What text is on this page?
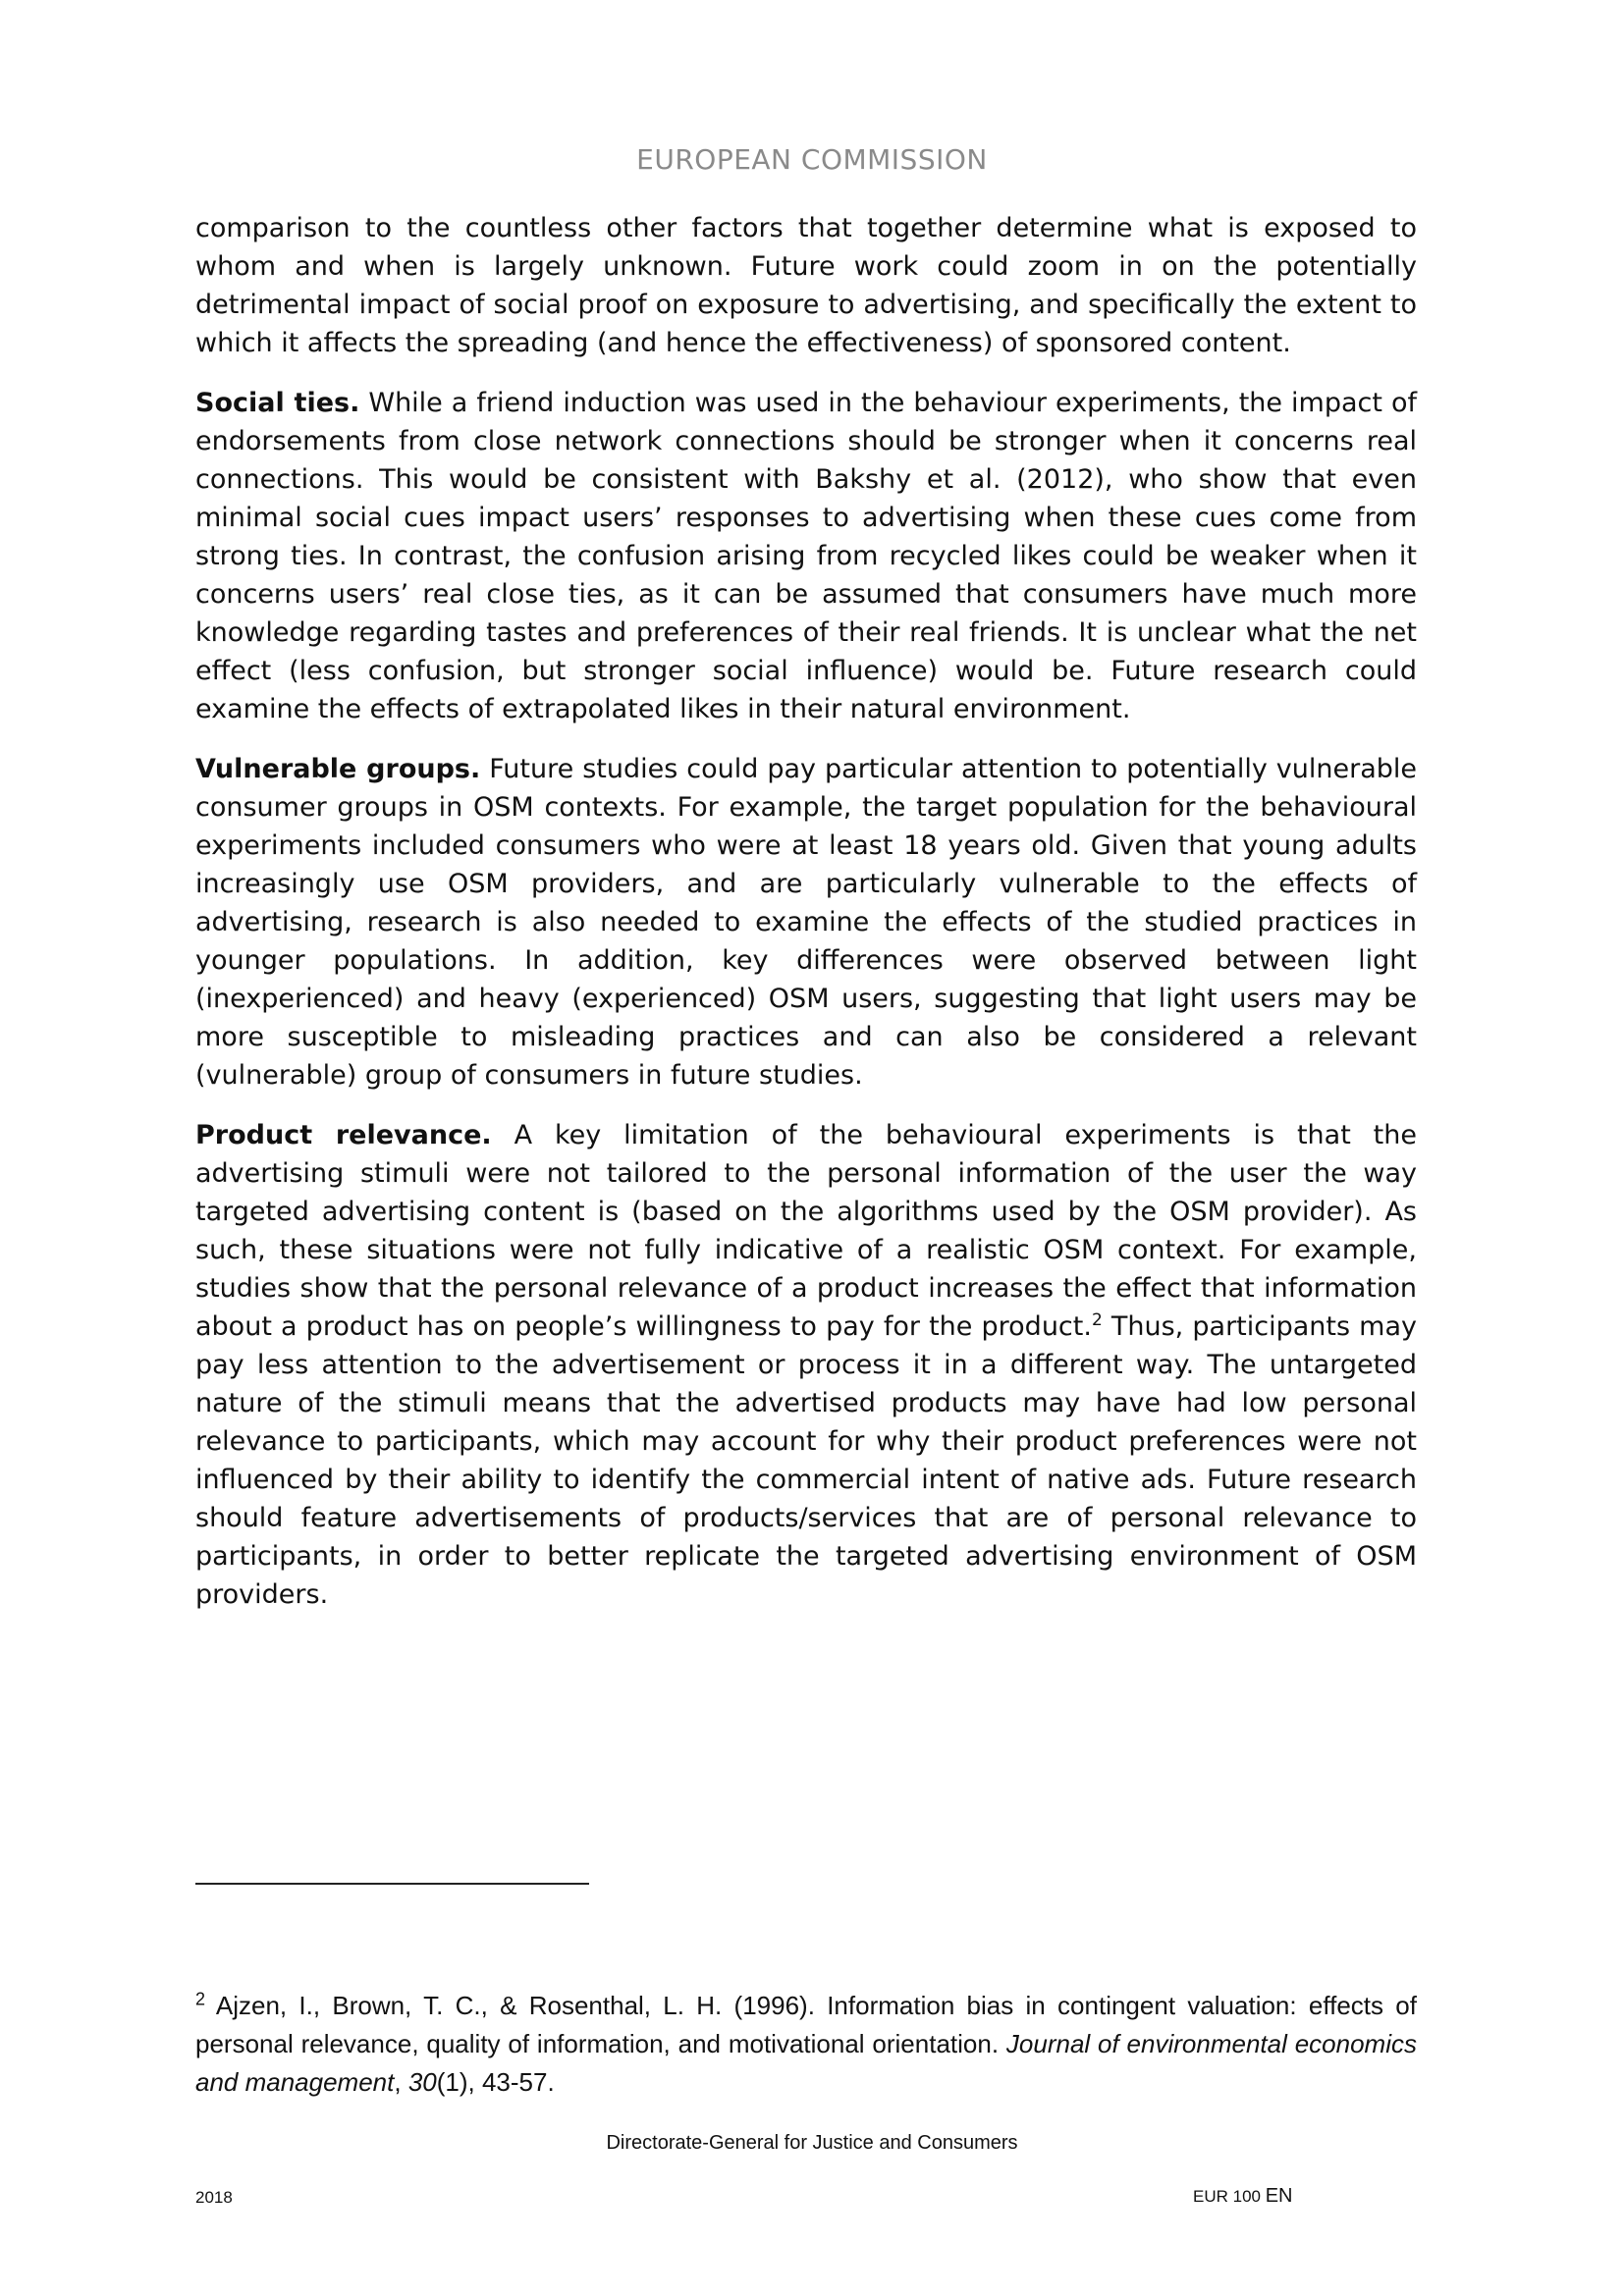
EUROPEAN COMMISSION

comparison to the countless other factors that together determine what is exposed to whom and when is largely unknown. Future work could zoom in on the potentially detrimental impact of social proof on exposure to advertising, and specifically the extent to which it affects the spreading (and hence the effectiveness) of sponsored content.

Social ties. While a friend induction was used in the behaviour experiments, the impact of endorsements from close network connections should be stronger when it concerns real connections. This would be consistent with Bakshy et al. (2012), who show that even minimal social cues impact users’ responses to advertising when these cues come from strong ties. In contrast, the confusion arising from recycled likes could be weaker when it concerns users’ real close ties, as it can be assumed that consumers have much more knowledge regarding tastes and preferences of their real friends. It is unclear what the net effect (less confusion, but stronger social influence) would be. Future research could examine the effects of extrapolated likes in their natural environment.

Vulnerable groups. Future studies could pay particular attention to potentially vulnerable consumer groups in OSM contexts. For example, the target population for the behavioural experiments included consumers who were at least 18 years old. Given that young adults increasingly use OSM providers, and are particularly vulnerable to the effects of advertising, research is also needed to examine the effects of the studied practices in younger populations. In addition, key differences were observed between light (inexperienced) and heavy (experienced) OSM users, suggesting that light users may be more susceptible to misleading practices and can also be considered a relevant (vulnerable) group of consumers in future studies.

Product relevance. A key limitation of the behavioural experiments is that the advertising stimuli were not tailored to the personal information of the user the way targeted advertising content is (based on the algorithms used by the OSM provider). As such, these situations were not fully indicative of a realistic OSM context. For example, studies show that the personal relevance of a product increases the effect that information about a product has on people’s willingness to pay for the product.$^2$ Thus, participants may pay less attention to the advertisement or process it in a different way. The untargeted nature of the stimuli means that the advertised products may have had low personal relevance to participants, which may account for why their product preferences were not influenced by their ability to identify the commercial intent of native ads. Future research should feature advertisements of products/services that are of personal relevance to participants, in order to better replicate the targeted advertising environment of OSM providers.

$^2$ Ajzen, I., Brown, T. C., & Rosenthal, L. H. (1996). Information bias in contingent valuation: effects of personal relevance, quality of information, and motivational orientation. Journal of environmental economics and management, 30(1), 43-57.
Directorate-General for Justice and Consumers
2018	EUR 100 EN
